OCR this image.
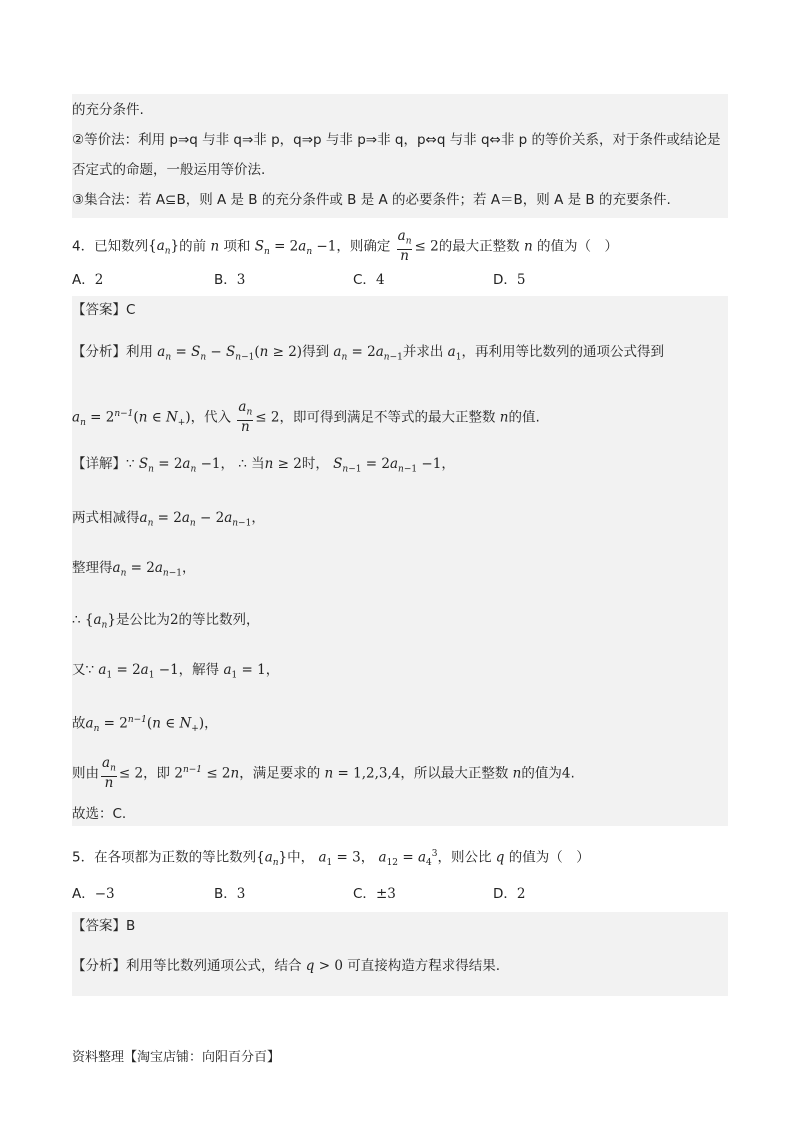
的充分条件.
②等价法：利用 p⇒q 与非 q⇒非 p，q⇒p 与非 p⇒非 q，p⇔q 与非 q⇔非 p 的等价关系，对于条件或结论是
否定式的命题，一般运用等价法.
③集合法：若 A⊆B，则 A 是 B 的充分条件或 B 是 A 的必要条件；若 A＝B，则 A 是 B 的充要条件.
4．已知数列$\{a_n\}$的前 n 项和 $S_n = 2a_n -1$，则确定 $\frac{a_n}{n} \le 2$的最大正整数 n 的值为（　）
A．2	B．3	C．4	D．5
【答案】C
【分析】利用 $a_n = S_n - S_{n-1}(n \ge 2)$得到 $a_n = 2a_{n-1}$并求出 $a_1$，再利用等比数列的通项公式得到
$a_n = 2^{n-1}(n$ ∈ $N_+$)，代入 $\frac{a_n}{n} \le 2$，即可得到满足不等式的最大正整数 n的值.
【详解】∵ $S_n = 2a_n -1$， ∴ 当n ≥ 2时， $S_{n-1} = 2a_{n-1} -1$，
两式相减得$a_n = 2a_n - 2a_{n-1}$，
整理得$a_n = 2a_{n-1}$，
∴ $\{a_n\}$是公比为2的等比数列，
又∵ $a_1 = 2a_1 -1$，解得 $a_1 = 1$，
故$a_n = 2^{n-1}(n$ ∈ $N_+$)，
则由 $\frac{a_n}{n} \le 2$，即 $2^{n-1} \le 2n$，满足要求的 n = 1,2,3,4，所以最大正整数 n的值为4.
故选：C.
5．在各项都为正数的等比数列$\{a_n\}$中， $a_1 = 3$， $a_{12} = a_4^3$，则公比 q 的值为（　）
A．−3	B．3	C．±3	D．2
【答案】B
【分析】利用等比数列通项公式，结合 q > 0 可直接构造方程求得结果.
资料整理【淘宝店铺：向阳百分百】
